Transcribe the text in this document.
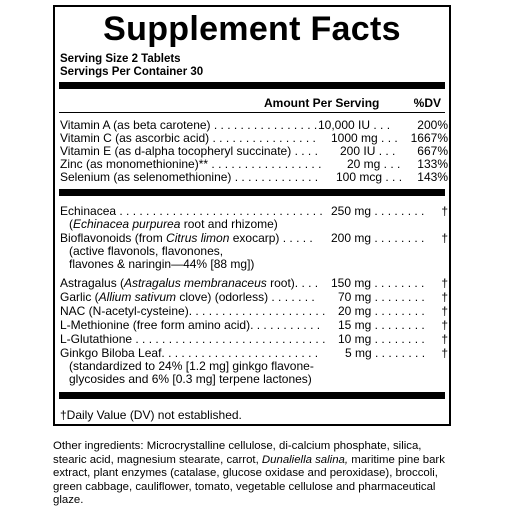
Supplement Facts
Serving Size 2 Tablets
Servings Per Container 30
Amount Per Serving	%DV
Vitamin A (as beta carotene) . . . . . . . . . . . . . . . . 10,000 IU . . . 200%
Vitamin C (as ascorbic acid) . . . . . . . . . . . . . . . . 1000 mg . . . 1667%
Vitamin E (as d-alpha tocopheryl succinate) . . . . 200 IU . . . 667%
Zinc (as monomethionine)** . . . . . . . . . . . . . . . . . 20 mg . . . 133%
Selenium (as selenomethionine) . . . . . . . . . . . . . 100 mcg . . . 143%
Echinacea . . . . . . . . . . . . . . . . . . . . . . . . . . . . . . . 250 mg . . . . . . . . †
(Echinacea purpurea root and rhizome)
Bioflavonoids (from Citrus limon exocarp) . . . . . 200 mg . . . . . . . . †
(active flavonols, flavonones,
flavones & naringin—44% [88 mg])
Astragalus (Astragalus membranaceus root). . . . 150 mg . . . . . . . . †
Garlic (Allium sativum clove) (odorless) . . . . . . . 70 mg . . . . . . . . †
NAC (N-acetyl-cysteine). . . . . . . . . . . . . . . . . . . . . 20 mg . . . . . . . . †
L-Methionine (free form amino acid). . . . . . . . . . . 15 mg . . . . . . . . †
L-Glutathione . . . . . . . . . . . . . . . . . . . . . . . . . . . . . 10 mg . . . . . . . . †
Ginkgo Biloba Leaf. . . . . . . . . . . . . . . . . . . . . . . . 5 mg . . . . . . . . †
(standardized to 24% [1.2 mg] ginkgo flavone-
glycosides and 6% [0.3 mg] terpene lactones)
†Daily Value (DV) not established.
Other ingredients: Microcrystalline cellulose, di-calcium phosphate, silica, stearic acid, magnesium stearate, carrot, Dunaliella salina, maritime pine bark extract, plant enzymes (catalase, glucose oxidase and peroxidase), broccoli, green cabbage, cauliflower, tomato, vegetable cellulose and pharmaceutical glaze.
